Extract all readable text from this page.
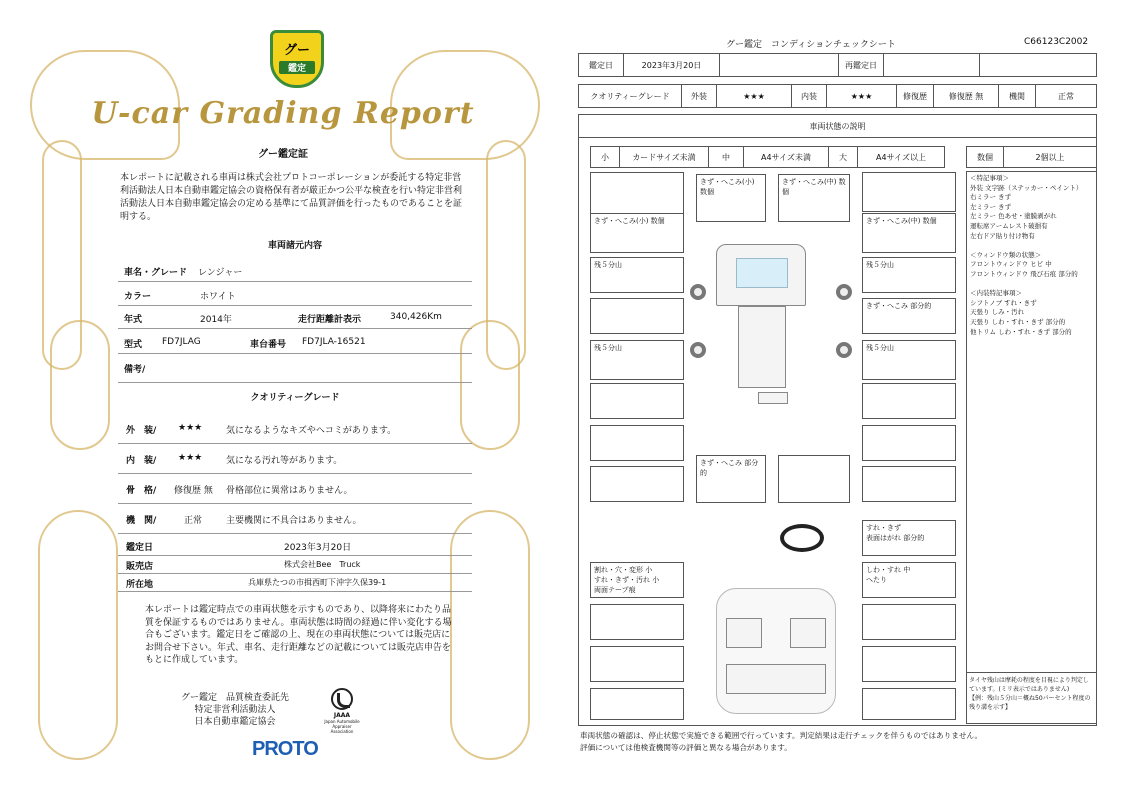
グー
鑑定
U-car Grading Report
グー鑑定証
本レポートに記載される車両は株式会社プロトコーポレーションが委託する特定非営利活動法人日本自動車鑑定協会の資格保有者が厳正かつ公平な検査を行い特定非営利活動法人日本自動車鑑定協会の定める基準にて品質評価を行ったものであることを証明する。
車両諸元内容
車名・グレード レンジャー
カラー	ホワイト
年式	2014年	走行距離計表示	340,426Km
型式 FD7JLAG	車台番号 FD7JLA-16521
備考/
クオリティーグレード
外　装/ ★★★	気になるようなキズやヘコミがあります。
内　装/ ★★★	気になる汚れ等があります。
骨　格/ 修復歴 無 骨格部位に異常はありません。
機　関/	正常	主要機関に不具合はありません。
鑑定日	2023年3月20日
販売店	株式会社Bee　Truck
所在地	兵庫県たつの市揖西町下沖字久保39-1
本レポートは鑑定時点での車両状態を示すものであり、以降将来にわたり品質を保証するものではありません。車両状態は時間の経過に伴い変化する場合もございます。鑑定日をご確認の上、現在の車両状態については販売店にお問合せ下さい。年式、車名、走行距離などの記載については販売店申告をもとに作成しています。
グー鑑定　品質検査委託先
特定非営利活動法人
日本自動車鑑定協会
JAAA
Japan Automobile Appraiser Association
PROTO
グー鑑定　コンディションチェックシート	C66123C2002
鑑定日	2023年3月20日	再鑑定日
クオリティーグレード	外装	★★★	内装	★★★	修復歴	修復歴 無	機関	正常
車両状態の説明
小	カードサイズ未満	中	A4サイズ未満	大	A4サイズ以上	数個	2個以上
きず・へこみ(小) 数個
残５分山
残５分山
きず・へこみ(小) 数個
きず・へこみ(中) 数個
きず・へこみ(中) 数個
残５分山
きず・へこみ 部分的
残５分山
きず・へこみ 部分的
すれ・きず
表面はがれ 部分的
割れ・穴・変形 小
すれ・きず・汚れ 小
両面テープ痕
しわ・すれ 中
へたり
＜特記事項＞
外装 文字跡（ステッカー・ペイント）
右ミラー きず
左ミラー きず
左ミラー 色あせ・塗膜剥がれ
運転席アームレスト破損有
左右ドア貼り付け物有

＜ウィンドウ類の状態＞
フロントウィンドウ ヒビ 中
フロントウィンドウ 飛び石痕 部分的

＜内装特記事項＞
シフトノブ すれ・きず
天張り しみ・汚れ
天張り しわ・すれ・きず 部分的
他トリム しわ・すれ・きず 部分的
タイヤ残山は摩耗の程度を目視により判定しています。(ミリ表示ではありません)
【例：残山５分山＝概ね50パーセント程度の残り溝を示す】
車両状態の確認は、停止状態で実施できる範囲で行っています。判定結果は走行チェックを伴うものではありません。
評価については他検査機関等の評価と異なる場合があります。
